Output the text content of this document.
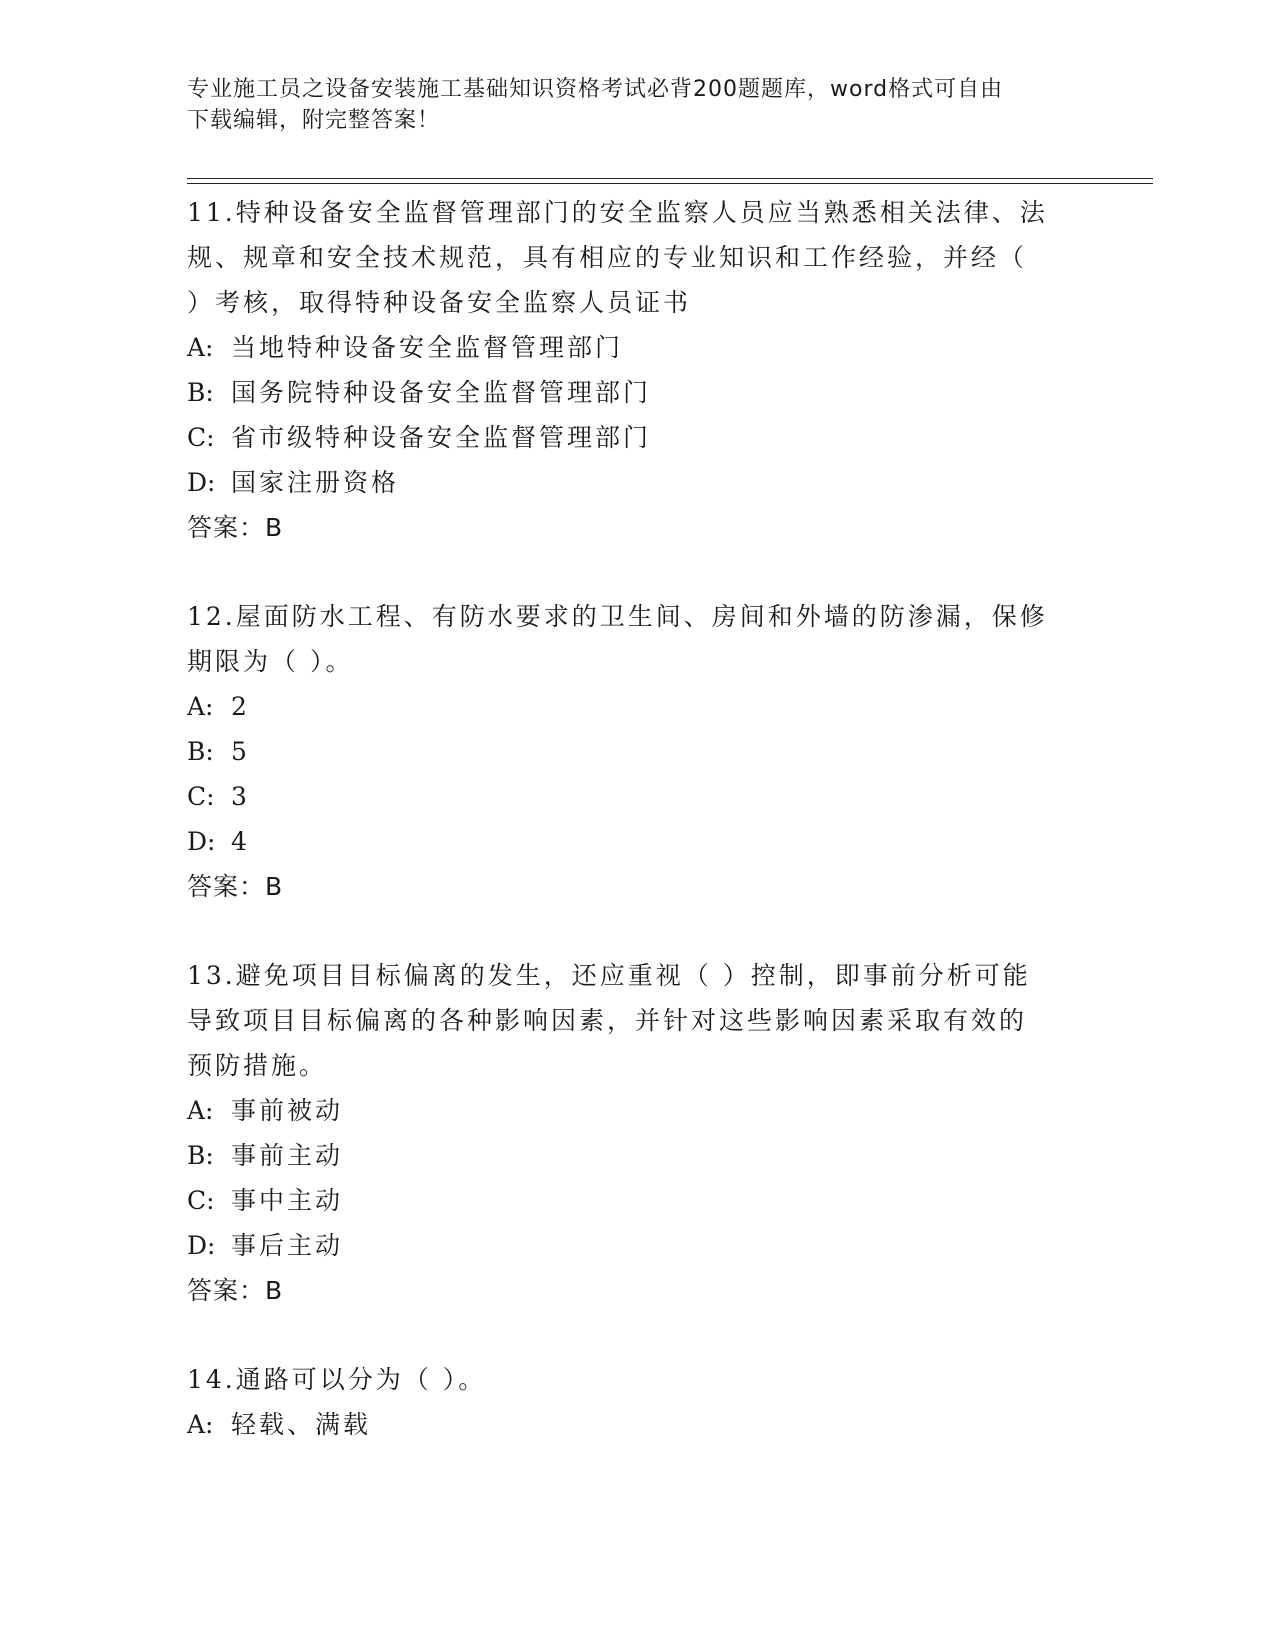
专业施工员之设备安装施工基础知识资格考试必背200题题库，word格式可自由
下载编辑，附完整答案！
11.特种设备安全监督管理部门的安全监察人员应当熟悉相关法律、法
规、规章和安全技术规范，具有相应的专业知识和工作经验，并经（
）考核，取得特种设备安全监察人员证书
A: 当地特种设备安全监督管理部门
B: 国务院特种设备安全监督管理部门
C: 省市级特种设备安全监督管理部门
D: 国家注册资格
答案：B
12.屋面防水工程、有防水要求的卫生间、房间和外墙的防渗漏，保修
期限为（ ）。
A: 2
B: 5
C: 3
D: 4
答案：B
13.避免项目目标偏离的发生，还应重视（ ）控制，即事前分析可能
导致项目目标偏离的各种影响因素，并针对这些影响因素采取有效的
预防措施。
A: 事前被动
B: 事前主动
C: 事中主动
D: 事后主动
答案：B
14.通路可以分为（ ）。
A: 轻载、满载
